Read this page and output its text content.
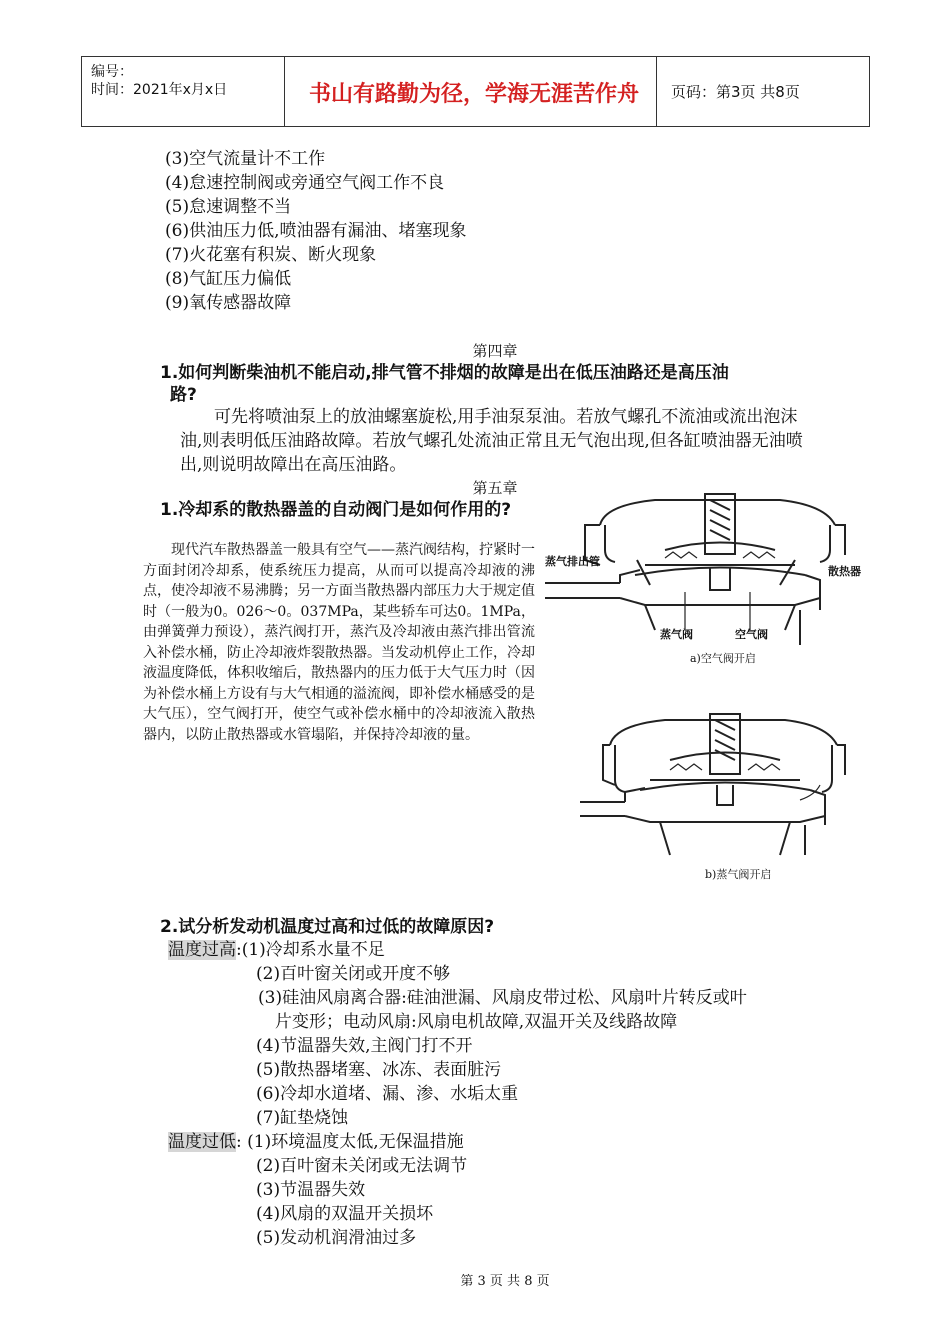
编号：
时间：2021年x月x日	书山有路勤为径，学海无涯苦作舟	页码：第3页 共8页
(3)空气流量计不工作
(4)怠速控制阀或旁通空气阀工作不良
(5)怠速调整不当
(6)供油压力低,喷油器有漏油、堵塞现象
(7)火花塞有积炭、断火现象
(8)气缸压力偏低
(9)氧传感器故障
第四章
1.如何判断柴油机不能启动,排气管不排烟的故障是出在低压油路还是高压油
路?
可先将喷油泵上的放油螺塞旋松,用手油泵泵油。若放气螺孔不流油或流出泡沫油,则表明低压油路故障。若放气螺孔处流油正常且无气泡出现,但各缸喷油器无油喷出,则说明故障出在高压油路。
第五章
1.冷却系的散热器盖的自动阀门是如何作用的?
现代汽车散热器盖一般具有空气——蒸汽阀结构，拧紧时一方面封闭冷却系，使系统压力提高，从而可以提高冷却液的沸点，使冷却液不易沸腾；另一方面当散热器内部压力大于规定值时（一般为0。026～0。037MPa，某些轿车可达0。1MPa，由弹簧弹力预设），蒸汽阀打开，蒸汽及冷却液由蒸汽排出管流入补偿水桶，防止冷却液炸裂散热器。当发动机停止工作，冷却液温度降低，体积收缩后，散热器内的压力低于大气压力时（因为补偿水桶上方设有与大气相通的溢流阀，即补偿水桶感受的是大气压），空气阀打开，使空气或补偿水桶中的冷却液流入散热器内，以防止散热器或水管塌陷，并保持冷却液的量。
蒸气排出管
散热器
蒸气阀	空气阀
a)空气阀开启
b)蒸气阀开启
2.试分析发动机温度过高和过低的故障原因?
温度过高:(1)冷却系水量不足
(2)百叶窗关闭或开度不够
(3)硅油风扇离合器:硅油泄漏、风扇皮带过松、风扇叶片转反或叶
片变形；电动风扇:风扇电机故障,双温开关及线路故障
(4)节温器失效,主阀门打不开
(5)散热器堵塞、冰冻、表面脏污
(6)冷却水道堵、漏、渗、水垢太重
(7)缸垫烧蚀
温度过低: (1)环境温度太低,无保温措施
(2)百叶窗未关闭或无法调节
(3)节温器失效
(4)风扇的双温开关损坏
(5)发动机润滑油过多
第 3 页 共 8 页
